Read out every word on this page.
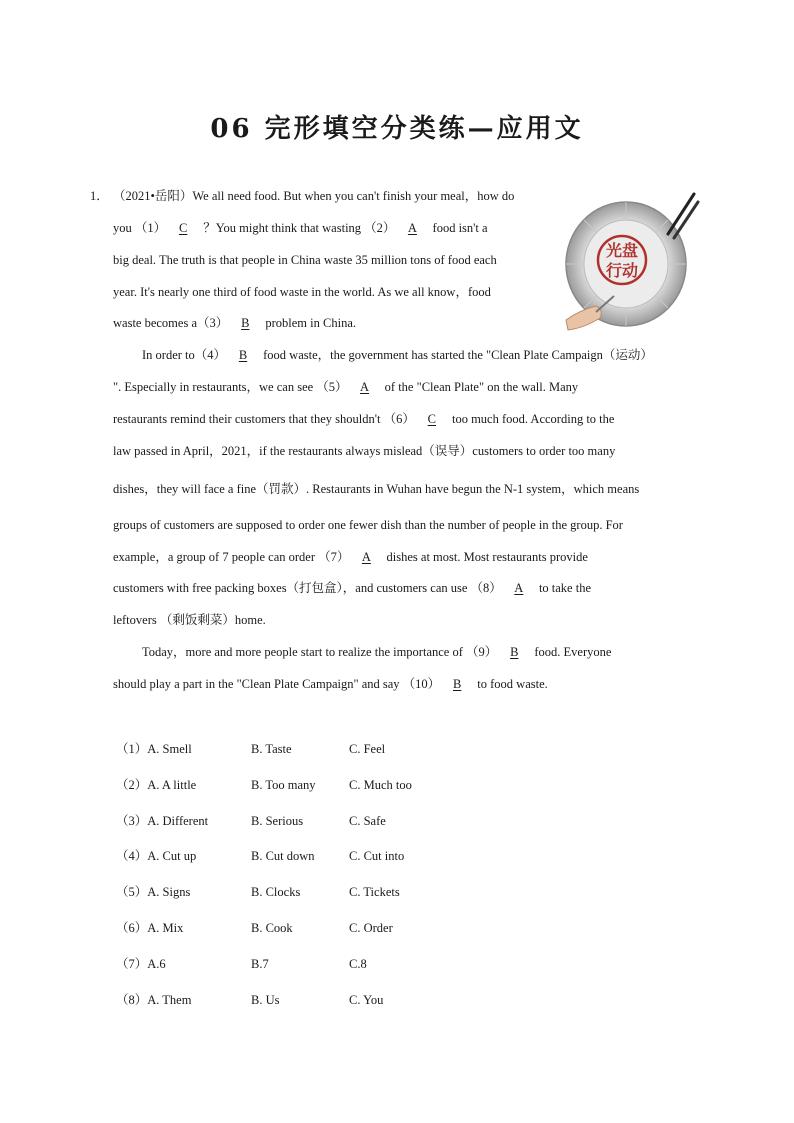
06 完形填空分类练—应用文
1． （2021•岳阳）We all need food. But when you can't finish your meal，how do
you （1） C ？You might think that wasting （2） A food isn't a
big deal. The truth is that people in China waste 35 million tons of food each
year. It's nearly one third of food waste in the world. As we all know，food
waste becomes a（3） B problem in China.
In order to（4） B food waste，the government has started the "Clean Plate Campaign（运动）
". Especially in restaurants，we can see （5） A of the "Clean Plate" on the wall. Many
restaurants remind their customers that they shouldn't （6） C too much food. According to the
law passed in April，2021，if the restaurants always mislead（误导）customers to order too many
dishes，they will face a fine（罚款）. Restaurants in Wuhan have begun the N-1 system，which means
groups of customers are supposed to order one fewer dish than the number of people in the group. For
example，a group of 7 people can order （7） A dishes at most. Most restaurants provide
customers with free packing boxes（打包盒），and customers can use （8） A to take the
leftovers （剩饭剩菜）home.
Today，more and more people start to realize the importance of （9） B food. Everyone
should play a part in the "Clean Plate Campaign" and say （10） B to food waste.
光盘
行动
（1）A. Smell	B. Taste	C. Feel
（2）A. A little	B. Too many	C. Much too
（3）A. Different	B. Serious	C. Safe
（4）A. Cut up	B. Cut down	C. Cut into
（5）A. Signs	B. Clocks	C. Tickets
（6）A. Mix	B. Cook	C. Order
（7）A.6	B.7	C.8
（8）A. Them	B. Us	C. You
